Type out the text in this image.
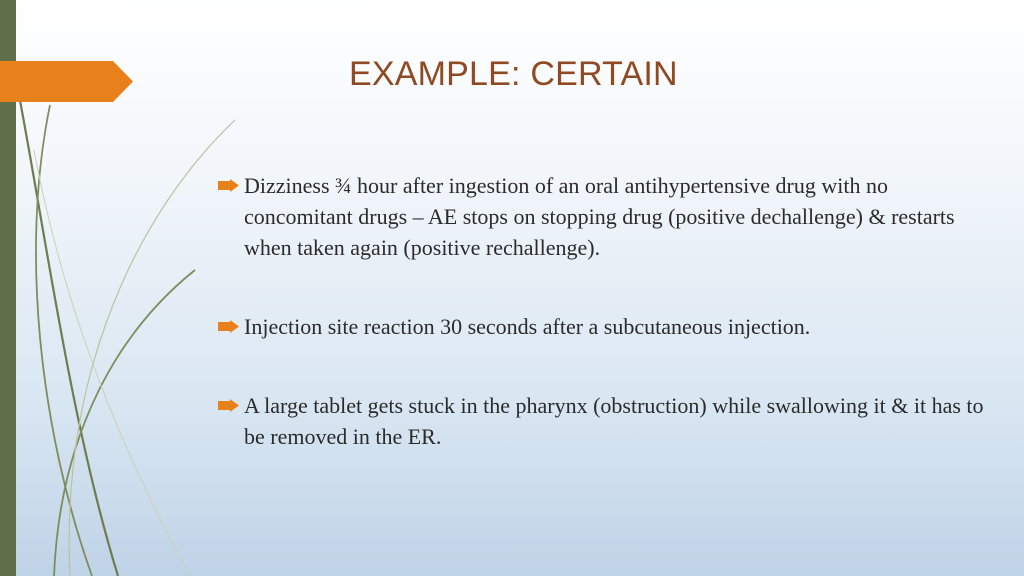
EXAMPLE: CERTAIN
Dizziness ¾ hour after ingestion of an oral antihypertensive drug with no concomitant drugs – AE stops on stopping drug (positive dechallenge) & restarts when taken again (positive rechallenge).
Injection site reaction 30 seconds after a subcutaneous injection.
A large tablet gets stuck in the pharynx (obstruction) while swallowing it & it has to be removed in the ER.
